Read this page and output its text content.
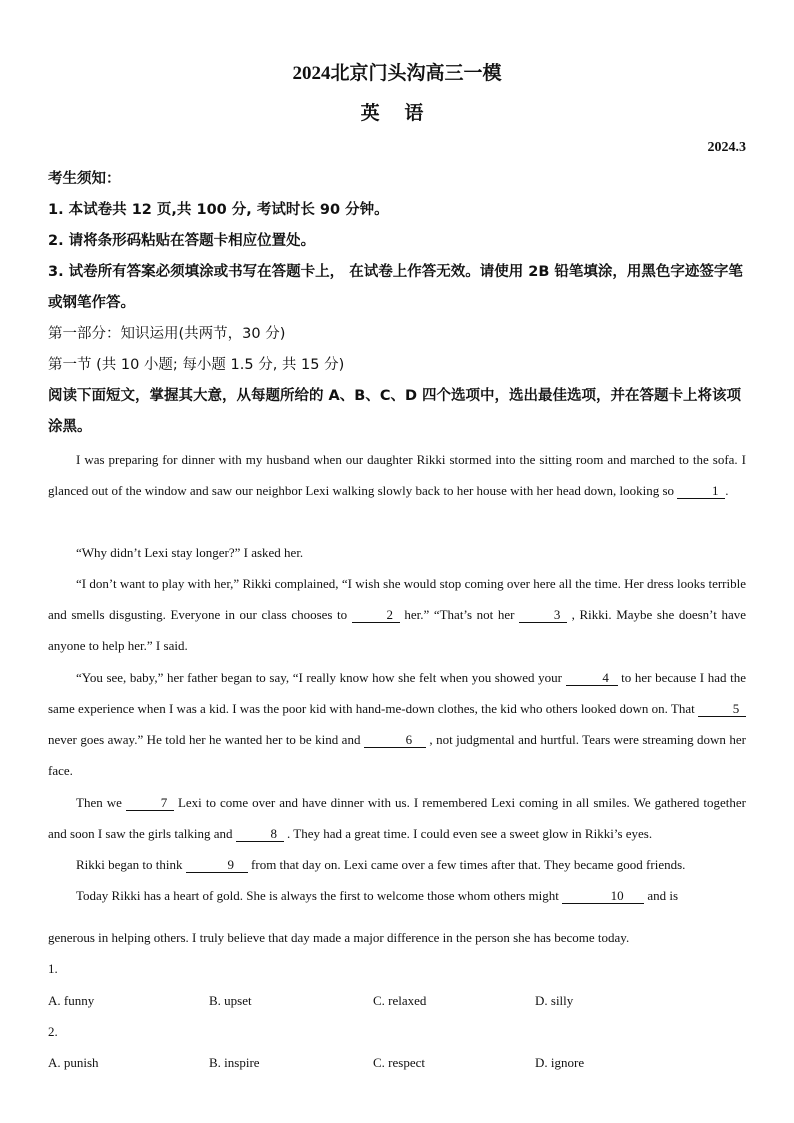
2024北京门头沟高三一模
英 语
2024.3
考生须知：
1. 本试卷共 12 页,共 100 分, 考试时长 90 分钟。
2. 请将条形码粘贴在答题卡相应位置处。
3. 试卷所有答案必须填涂或书写在答题卡上， 在试卷上作答无效。请使用 2B 铅笔填涂，用黑色字迹签字笔或钢笔作答。
第一部分：知识运用(共两节，30 分)
第一节 (共 10 小题; 每小题 1.5 分, 共 15 分)
阅读下面短文，掌握其大意，从每题所给的 A、B、C、D 四个选项中，选出最佳选项，并在答题卡上将该项涂黑。
I was preparing for dinner with my husband when our daughter Rikki stormed into the sitting room and marched to the sofa. I glanced out of the window and saw our neighbor Lexi walking slowly back to her house with her head down, looking so	1 .
“Why didn’t Lexi stay longer?” I asked her.
“I don’t want to play with her,” Rikki complained, “I wish she would stop coming over here all the time. Her dress looks terrible and smells disgusting. Everyone in our class chooses to	2 her.” “That’s not her	3 , Rikki. Maybe she doesn’t have anyone to help her.” I said.
“You see, baby,” her father began to say, “I really know how she felt when you showed your	4 to her because I had the same experience when I was a kid. I was the poor kid with hand-me-down clothes, the kid who others looked down on. That	5 never goes away.” He told her he wanted her to be kind and	6 , not judgmental and hurtful. Tears were streaming down her face.
Then we	7 Lexi to come over and have dinner with us. I remembered Lexi coming in all smiles. We gathered together and soon I saw the girls talking and	8 . They had a great time. I could even see a sweet glow in Rikki’s eyes.
Rikki began to think	9 from that day on. Lexi came over a few times after that. They became good friends.
Today Rikki has a heart of gold. She is always the first to welcome those whom others might	10 and is
generous in helping others. I truly believe that day made a major difference in the person she has become today.
1.
A. funny	B. upset	C. relaxed	D. silly
2.
A. punish	B. inspire	C. respect	D. ignore
